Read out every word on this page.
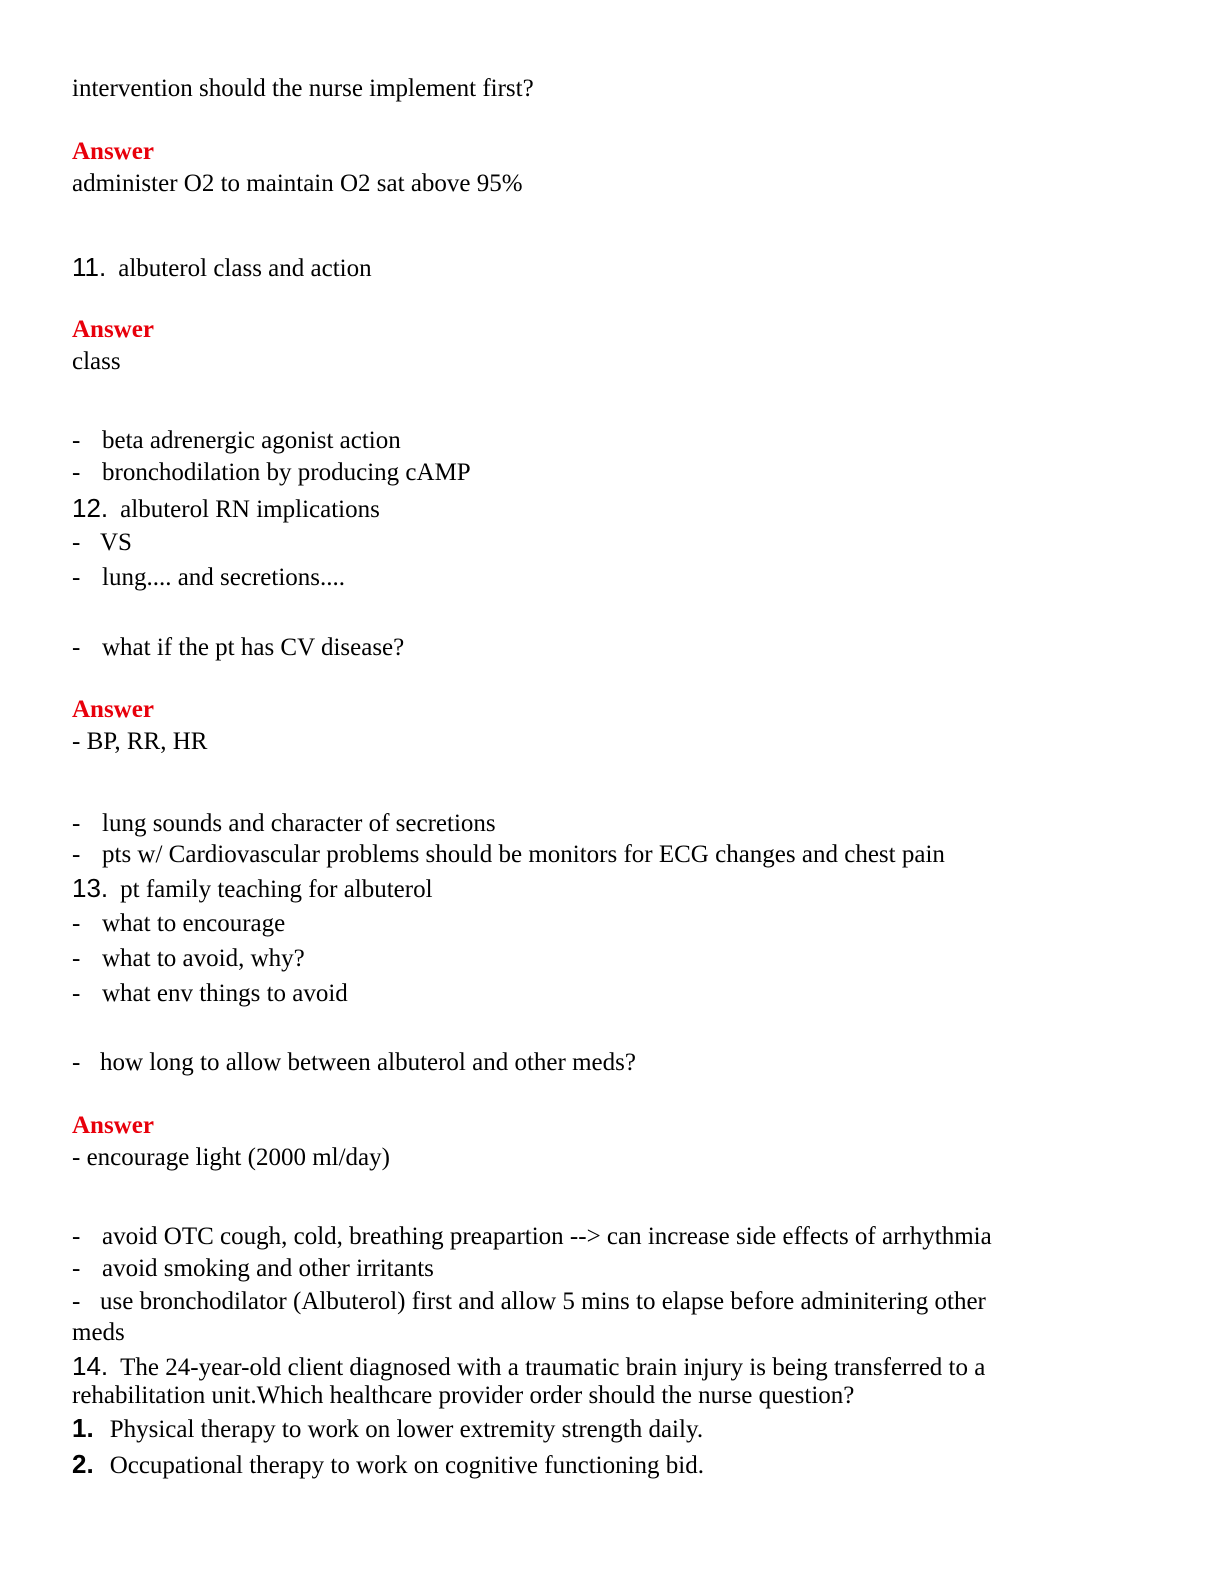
intervention should the nurse implement first?
Answer
administer O2 to maintain O2 sat above 95%
11. albuterol class and action
Answer
class
- beta adrenergic agonist action
- bronchodilation by producing cAMP
12. albuterol RN implications
- VS
- lung.... and secretions....
- what if the pt has CV disease?
Answer
- BP, RR, HR
- lung sounds and character of secretions
- pts w/ Cardiovascular problems should be monitors for ECG changes and chest pain
13. pt family teaching for albuterol
- what to encourage
- what to avoid, why?
- what env things to avoid
- how long to allow between albuterol and other meds?
Answer
- encourage light (2000 ml/day)
- avoid OTC cough, cold, breathing preapartion --> can increase side effects of arrhythmia
- avoid smoking and other irritants
- use bronchodilator (Albuterol) first and allow 5 mins to elapse before adminitering other
meds
14. The 24-year-old client diagnosed with a traumatic brain injury is being transferred to a
rehabilitation unit.Which healthcare provider order should the nurse question?
1. Physical therapy to work on lower extremity strength daily.
2. Occupational therapy to work on cognitive functioning bid.
